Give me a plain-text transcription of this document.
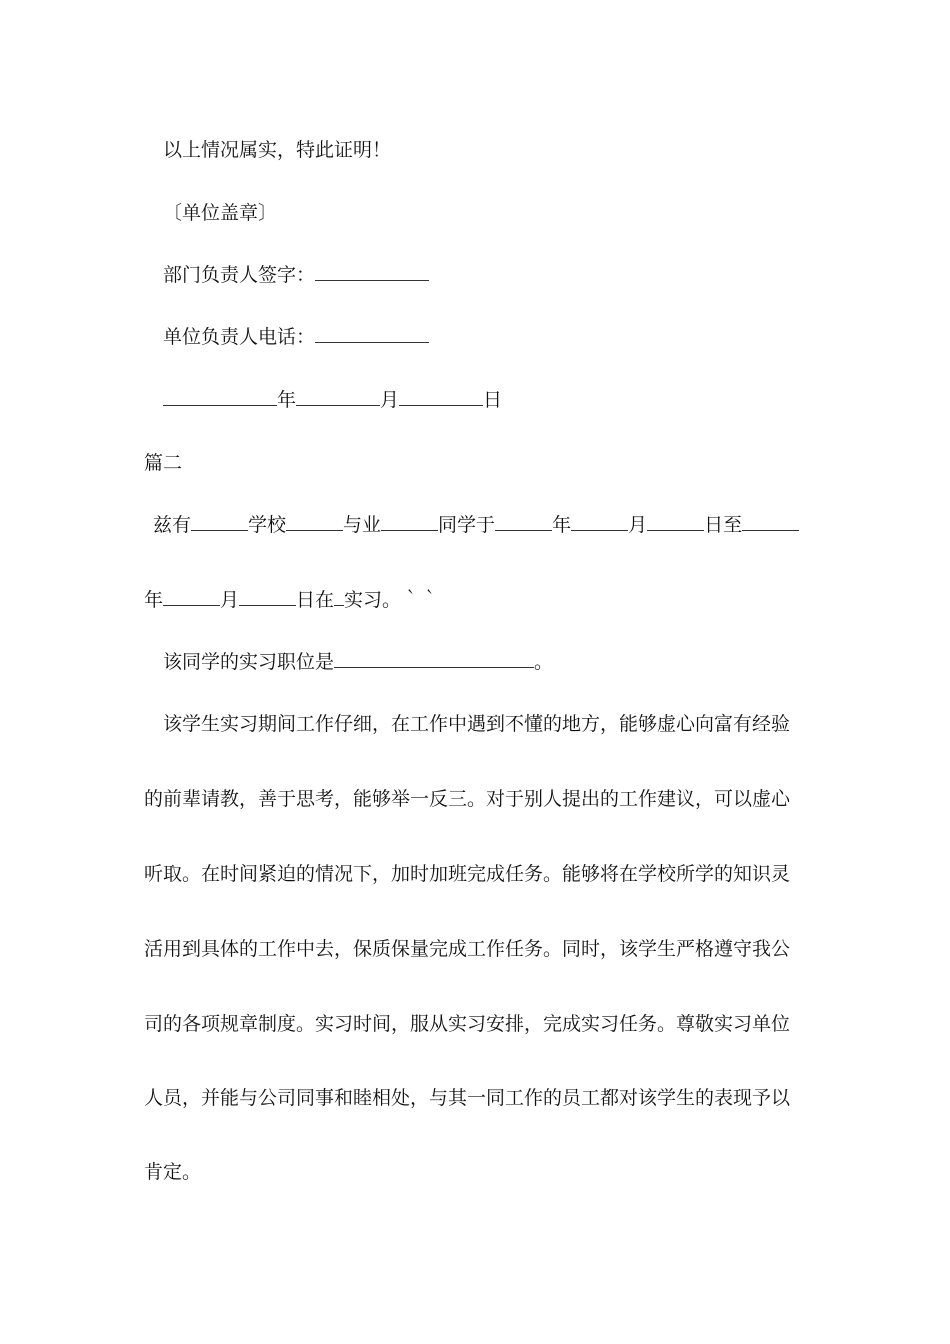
以上情况属实，特此证明！
〔单位盖章〕
部门负责人签字：
单位负责人电话：
年	月	日
篇二
兹有	学校	与业	同学于	年	月	日至
年	月	日在 实习。｀｀
该同学的实习职位是	。
该学生实习期间工作仔细，在工作中遇到不懂的地方，能够虚心向富有经验
的前辈请教，善于思考，能够举一反三。对于别人提出的工作建议，可以虚心
听取。在时间紧迫的情况下，加时加班完成任务。能够将在学校所学的知识灵
活用到具体的工作中去，保质保量完成工作任务。同时，该学生严格遵守我公
司的各项规章制度。实习时间，服从实习安排，完成实习任务。尊敬实习单位
人员，并能与公司同事和睦相处，与其一同工作的员工都对该学生的表现予以
肯定。
